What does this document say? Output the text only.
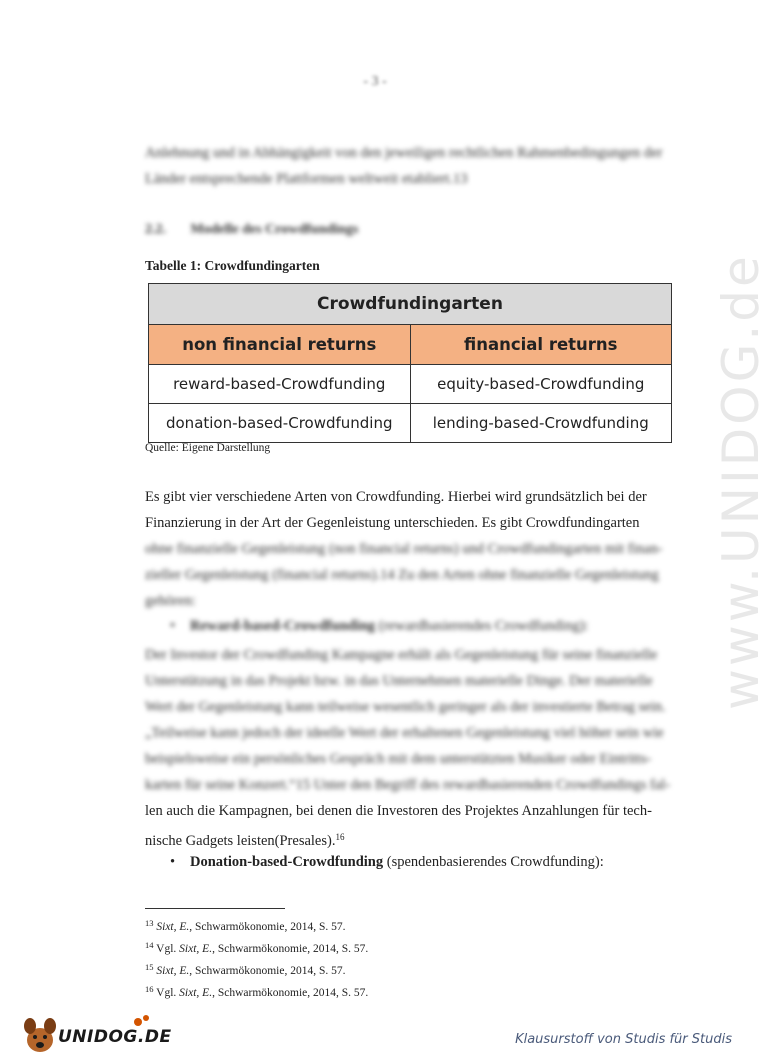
www.UNIDOG.de
- 3 -
Anlehnung und in Abhängigkeit von den jeweiligen rechtlichen Rahmenbedingungen der
Länder entsprechende Plattformen weltweit etabliert.13
2.2. Modelle des Crowdfundings
Tabelle 1: Crowdfundingarten
Crowdfundingarten	
non financial returns	financial returns
reward-based-Crowdfunding	equity-based-Crowdfunding
donation-based-Crowdfunding	lending-based-Crowdfunding
Quelle: Eigene Darstellung
Es gibt vier verschiedene Arten von Crowdfunding. Hierbei wird grundsätzlich bei der
Finanzierung in der Art der Gegenleistung unterschieden. Es gibt Crowdfundingarten
ohne finanzielle Gegenleistung (non financial returns) und Crowdfundingarten mit finan-
zieller Gegenleistung (financial returns).14 Zu den Arten ohne finanzielle Gegenleistung
gehören:
• Reward-based-Crowdfunding (rewardbasierendes Crowdfunding):
Der Investor der Crowdfunding Kampagne erhält als Gegenleistung für seine finanzielle
Unterstützung in das Projekt bzw. in das Unternehmen materielle Dinge. Der materielle
Wert der Gegenleistung kann teilweise wesentlich geringer als der investierte Betrag sein.
„Teilweise kann jedoch der ideelle Wert der erhaltenen Gegenleistung viel höher sein wie
beispielsweise ein persönliches Gespräch mit dem unterstützten Musiker oder Eintritts-
karten für seine Konzert.“15 Unter den Begriff des rewardbasierenden Crowdfundings fal-
len auch die Kampagnen, bei denen die Investoren des Projektes Anzahlungen für tech-
nische Gadgets leisten(Presales).$^{16}$
• Donation-based-Crowdfunding (spendenbasierendes Crowdfunding):
$^{13}$ Sixt, E., Schwarmökonomie, 2014, S. 57.
$^{14}$ Vgl. Sixt, E., Schwarmökonomie, 2014, S. 57.
$^{15}$ Sixt, E., Schwarmökonomie, 2014, S. 57.
$^{16}$ Vgl. Sixt, E., Schwarmökonomie, 2014, S. 57.
UNIDOG.DE	Klausurstoff von Studis für Studis
